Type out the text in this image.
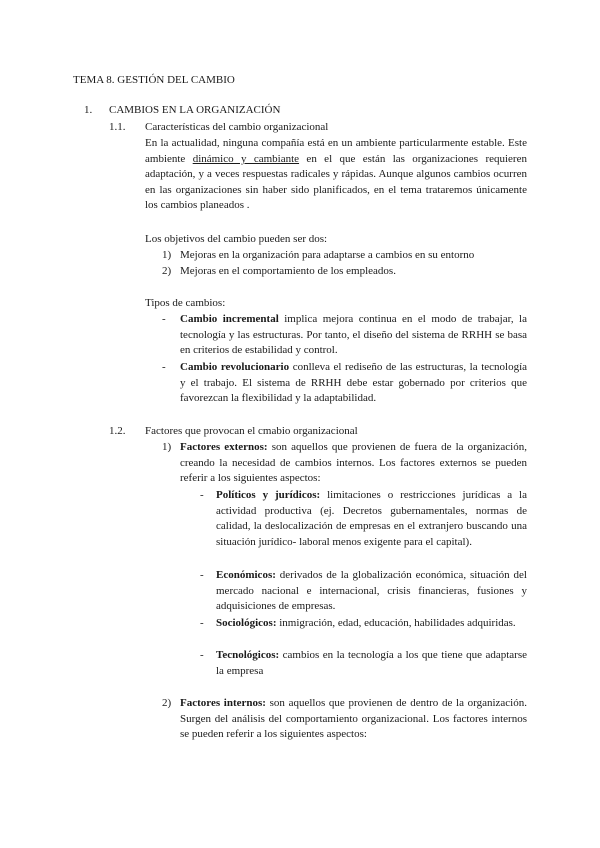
TEMA 8. GESTIÓN DEL CAMBIO
1. CAMBIOS EN LA ORGANIZACIÓN
1.1. Características del cambio organizacional

En la actualidad, ninguna compañía está en un ambiente particularmente estable. Este ambiente dinámico y cambiante en el que están las organizaciones requieren adaptación, y a veces respuestas radicales y rápidas. Aunque algunos cambios ocurren en las organizaciones sin haber sido planificados, en el tema trataremos únicamente los cambios planeados .

Los objetivos del cambio pueden ser dos:
1) Mejoras en la organización para adaptarse a cambios en su entorno
2) Mejoras en el comportamiento de los empleados.
Tipos de cambios:
- Cambio incremental implica mejora continua en el modo de trabajar, la tecnología y las estructuras. Por tanto, el diseño del sistema de RRHH se basa en criterios de estabilidad y control.

- Cambio revolucionario conlleva el rediseño de las estructuras, la tecnología y el trabajo. El sistema de RRHH debe estar gobernado por criterios que favorezcan la flexibilidad y la adaptabilidad.

1.2. Factores que provocan el cmabio organizacional
1) Factores externos: son aquellos que provienen de fuera de la organización, creando la necesidad de cambios internos. Los factores externos se pueden referir a los siguientes aspectos:

- Políticos y jurídicos: limitaciones o restricciones jurídicas a la actividad productiva (ej. Decretos gubernamentales, normas de calidad, la deslocalización de empresas en el extranjero buscando una situación jurídico- laboral menos exigente para el capital).

- Económicos: derivados de la globalización económica, situación del mercado nacional e internacional, crisis financieras, fusiones y adquisiciones de empresas.

- Sociológicos: inmigración, edad, educación, habilidades adquiridas.

- Tecnológicos: cambios en la tecnología a los que tiene que adaptarse la empresa

2) Factores internos: son aquellos que provienen de dentro de la organización. Surgen del análisis del comportamiento organizacional. Los factores internos se pueden referir a los siguientes aspectos:
